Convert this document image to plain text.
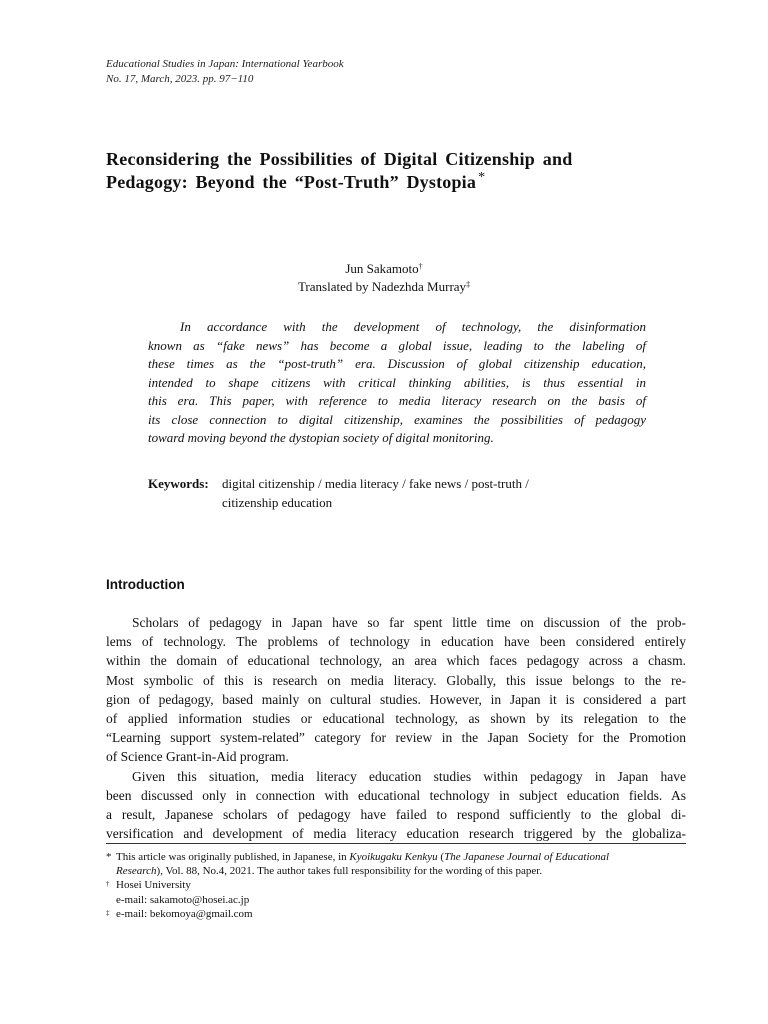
Educational Studies in Japan: International Yearbook
No. 17, March, 2023. pp. 97−110
Reconsidering the Possibilities of Digital Citizenship and
Pedagogy: Beyond the “Post-Truth” Dystopia *
Jun Sakamoto†
Translated by Nadezhda Murray‡
In accordance with the development of technology, the disinformation
known as “fake news” has become a global issue, leading to the labeling of
these times as the “post-truth” era. Discussion of global citizenship education,
intended to shape citizens with critical thinking abilities, is thus essential in
this era. This paper, with reference to media literacy research on the basis of
its close connection to digital citizenship, examines the possibilities of pedagogy
toward moving beyond the dystopian society of digital monitoring.
Keywords: digital citizenship / media literacy / fake news / post-truth /
citizenship education
Introduction
Scholars of pedagogy in Japan have so far spent little time on discussion of the prob-
lems of technology. The problems of technology in education have been considered entirely
within the domain of educational technology, an area which faces pedagogy across a chasm.
Most symbolic of this is research on media literacy. Globally, this issue belongs to the re-
gion of pedagogy, based mainly on cultural studies. However, in Japan it is considered a part
of applied information studies or educational technology, as shown by its relegation to the
“Learning support system-related” category for review in the Japan Society for the Promotion
of Science Grant-in-Aid program.
Given this situation, media literacy education studies within pedagogy in Japan have
been discussed only in connection with educational technology in subject education fields. As
a result, Japanese scholars of pedagogy have failed to respond sufficiently to the global di-
versification and development of media literacy education research triggered by the globaliza-
* This article was originally published, in Japanese, in Kyoikugaku Kenkyu (The Japanese Journal of Educational
Research), Vol. 88, No.4, 2021. The author takes full responsibility for the wording of this paper.
† Hosei University
e-mail: sakamoto@hosei.ac.jp
‡ e-mail: bekomoya@gmail.com
